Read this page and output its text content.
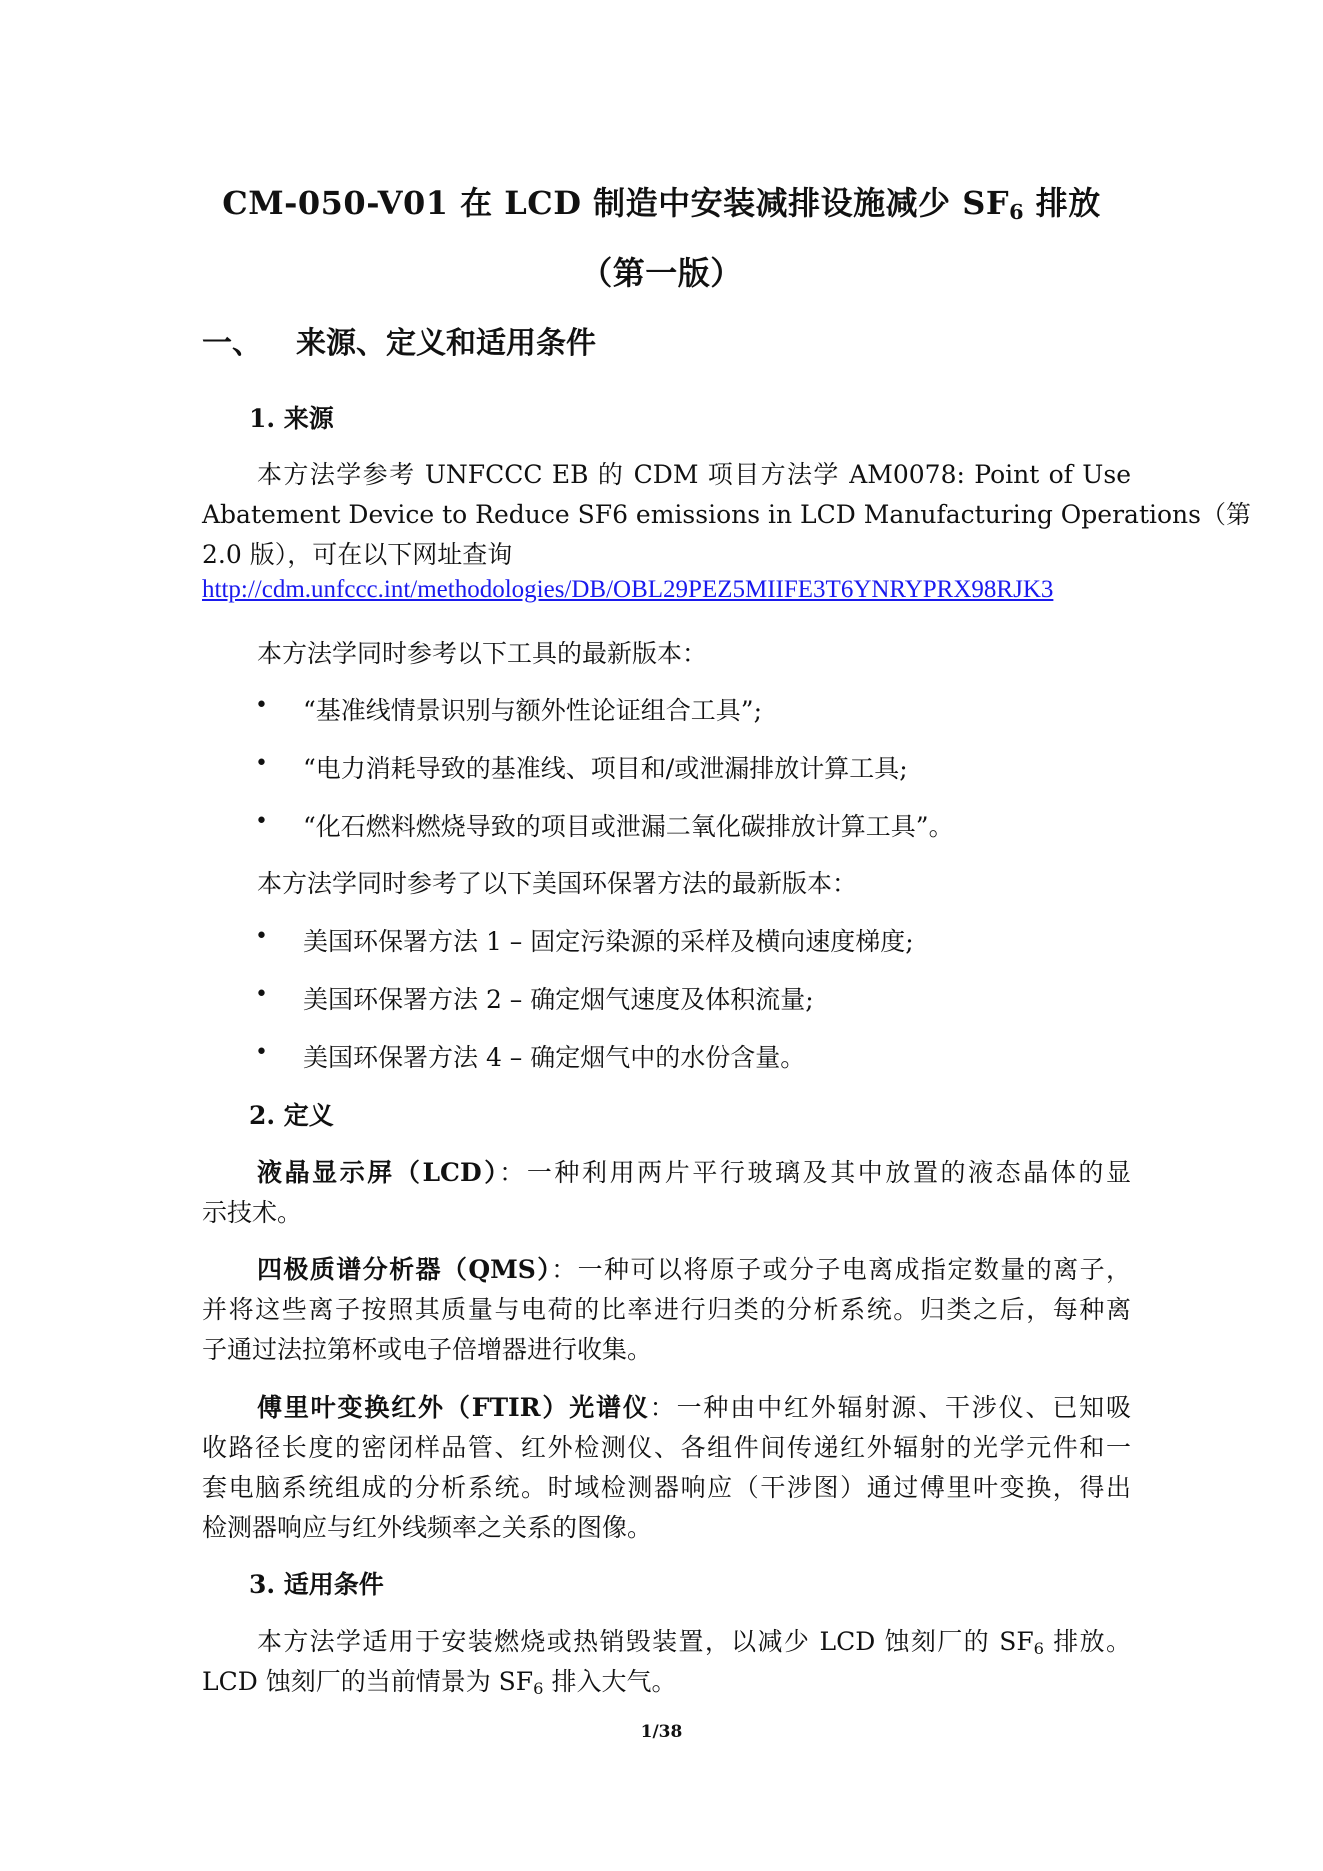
CM-050-V01 在 LCD 制造中安装减排设施减少 $SF_6$ 排放
（第一版）
一、 来源、定义和适用条件
1. 来源
本方法学参考 UNFCCC EB 的 CDM 项目方法学 AM0078: Point of Use
Abatement Device to Reduce SF6 emissions in LCD Manufacturing Operations（第
2.0 版），可在以下网址查询
http://cdm.unfccc.int/methodologies/DB/OBL29PEZ5MIIFE3T6YNRYPRX98RJK3
本方法学同时参考以下工具的最新版本：
• “基准线情景识别与额外性论证组合工具”;
• “电力消耗导致的基准线、项目和/或泄漏排放计算工具;
• “化石燃料燃烧导致的项目或泄漏二氧化碳排放计算工具”。
本方法学同时参考了以下美国环保署方法的最新版本：
• 美国环保署方法 1 – 固定污染源的采样及横向速度梯度;
• 美国环保署方法 2 – 确定烟气速度及体积流量;
• 美国环保署方法 4 – 确定烟气中的水份含量。
2. 定义
液晶显示屏（LCD）：一种利用两片平行玻璃及其中放置的液态晶体的显
示技术。
四极质谱分析器（QMS）：一种可以将原子或分子电离成指定数量的离子，
并将这些离子按照其质量与电荷的比率进行归类的分析系统。归类之后，每种离
子通过法拉第杯或电子倍增器进行收集。
傅里叶变换红外（FTIR）光谱仪：一种由中红外辐射源、干涉仪、已知吸
收路径长度的密闭样品管、红外检测仪、各组件间传递红外辐射的光学元件和一
套电脑系统组成的分析系统。时域检测器响应（干涉图）通过傅里叶变换，得出
检测器响应与红外线频率之关系的图像。
3. 适用条件
本方法学适用于安装燃烧或热销毁装置，以减少 LCD 蚀刻厂的 $SF_6$ 排放。
LCD 蚀刻厂的当前情景为 $SF_6$ 排入大气。
1/38
